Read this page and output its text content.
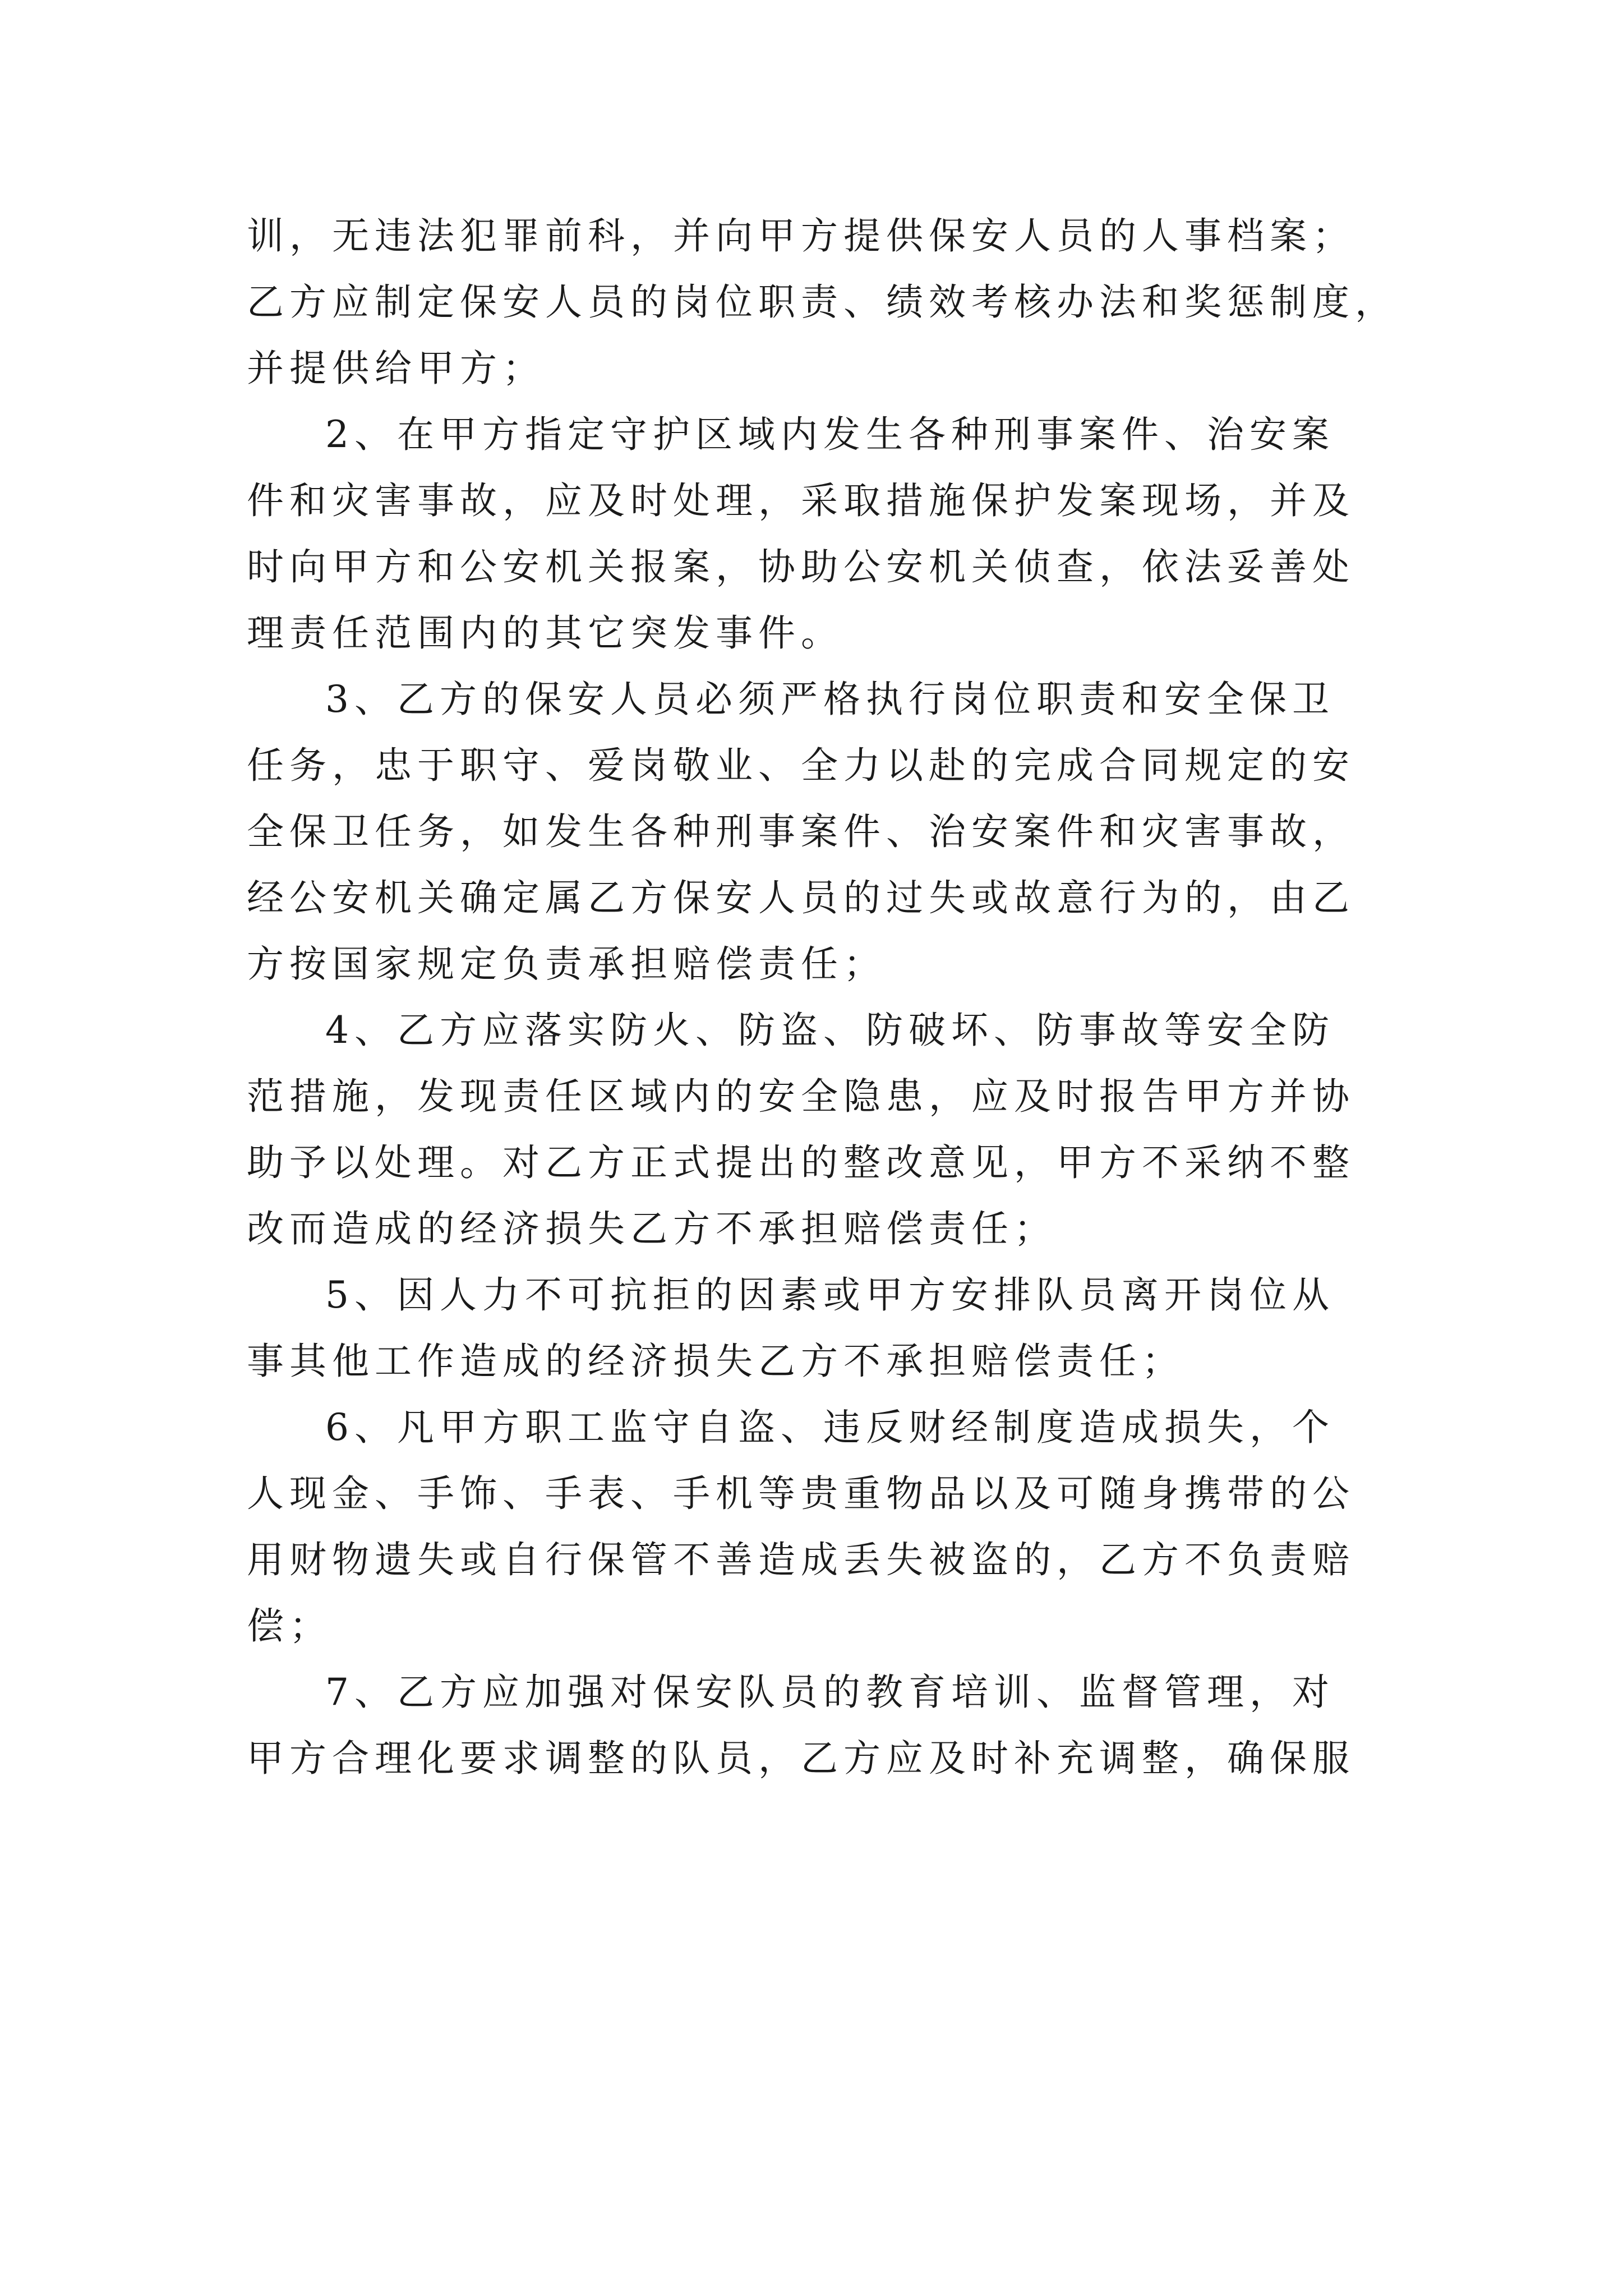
训，无违法犯罪前科，并向甲方提供保安人员的人事档案；
乙方应制定保安人员的岗位职责、绩效考核办法和奖惩制度，
并提供给甲方；
2、在甲方指定守护区域内发生各种刑事案件、治安案
件和灾害事故，应及时处理，采取措施保护发案现场，并及
时向甲方和公安机关报案，协助公安机关侦查，依法妥善处
理责任范围内的其它突发事件。
3、乙方的保安人员必须严格执行岗位职责和安全保卫
任务，忠于职守、爱岗敬业、全力以赴的完成合同规定的安
全保卫任务，如发生各种刑事案件、治安案件和灾害事故，
经公安机关确定属乙方保安人员的过失或故意行为的，由乙
方按国家规定负责承担赔偿责任；
4、乙方应落实防火、防盗、防破坏、防事故等安全防
范措施，发现责任区域内的安全隐患，应及时报告甲方并协
助予以处理。对乙方正式提出的整改意见，甲方不采纳不整
改而造成的经济损失乙方不承担赔偿责任；
5、因人力不可抗拒的因素或甲方安排队员离开岗位从
事其他工作造成的经济损失乙方不承担赔偿责任；
6、凡甲方职工监守自盗、违反财经制度造成损失，个
人现金、手饰、手表、手机等贵重物品以及可随身携带的公
用财物遗失或自行保管不善造成丢失被盗的，乙方不负责赔
偿；
7、乙方应加强对保安队员的教育培训、监督管理，对
甲方合理化要求调整的队员，乙方应及时补充调整，确保服
